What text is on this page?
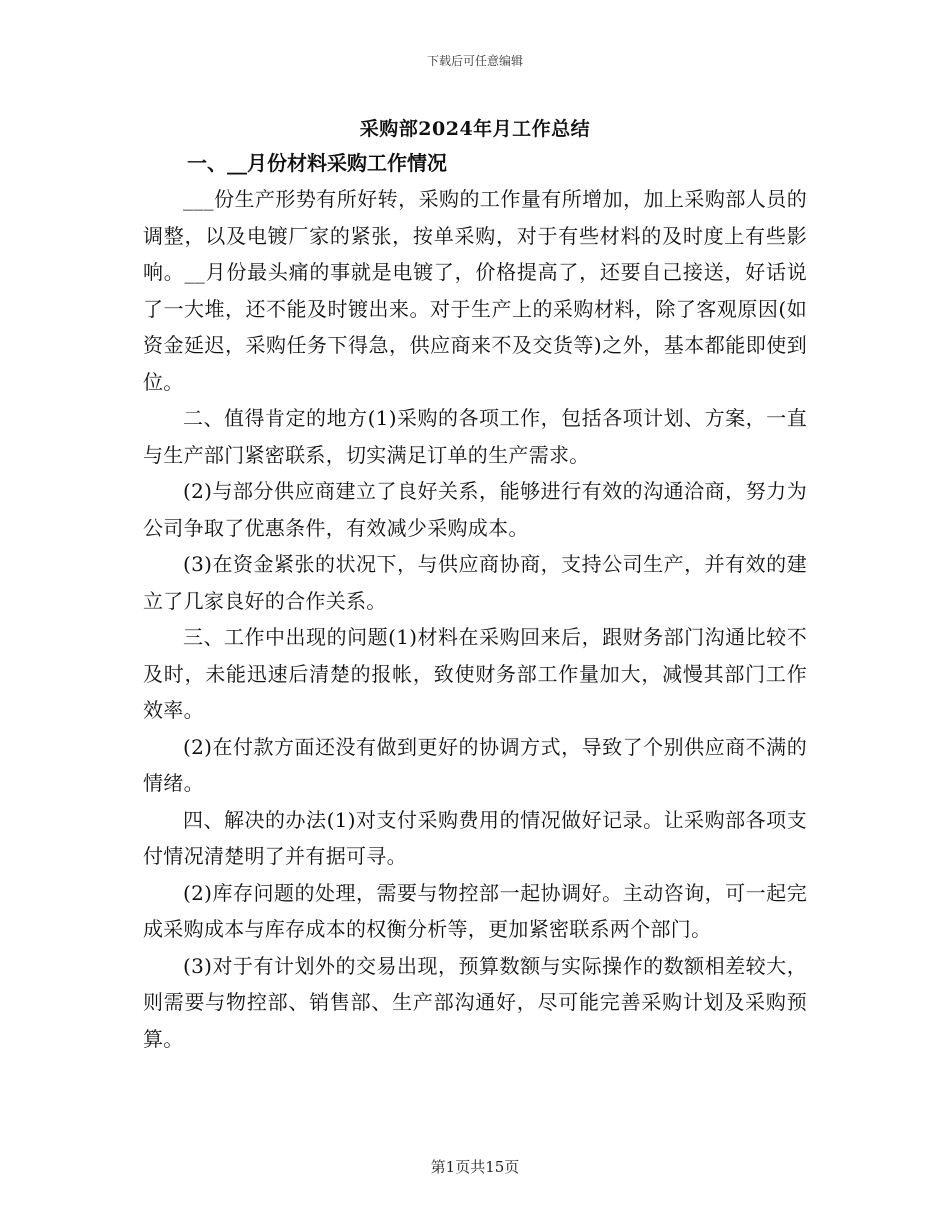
下载后可任意编辑
采购部2024年月工作总结

一、__月份材料采购工作情况

___份生产形势有所好转，采购的工作量有所增加，加上采购部人员的调整，以及电镀厂家的紧张，按单采购，对于有些材料的及时度上有些影响。__月份最头痛的事就是电镀了，价格提高了，还要自己接送，好话说了一大堆，还不能及时镀出来。对于生产上的采购材料，除了客观原因(如资金延迟，采购任务下得急，供应商来不及交货等)之外，基本都能即使到位。

二、值得肯定的地方(1)采购的各项工作，包括各项计划、方案，一直与生产部门紧密联系，切实满足订单的生产需求。

(2)与部分供应商建立了良好关系，能够进行有效的沟通洽商，努力为公司争取了优惠条件，有效减少采购成本。

(3)在资金紧张的状况下，与供应商协商，支持公司生产，并有效的建立了几家良好的合作关系。

三、工作中出现的问题(1)材料在采购回来后，跟财务部门沟通比较不及时，未能迅速后清楚的报帐，致使财务部工作量加大，减慢其部门工作效率。

(2)在付款方面还没有做到更好的协调方式，导致了个别供应商不满的情绪。

四、解决的办法(1)对支付采购费用的情况做好记录。让采购部各项支付情况清楚明了并有据可寻。

(2)库存问题的处理，需要与物控部一起协调好。主动咨询，可一起完成采购成本与库存成本的权衡分析等，更加紧密联系两个部门。

(3)对于有计划外的交易出现，预算数额与实际操作的数额相差较大，则需要与物控部、销售部、生产部沟通好，尽可能完善采购计划及采购预算。

第1页共15页
